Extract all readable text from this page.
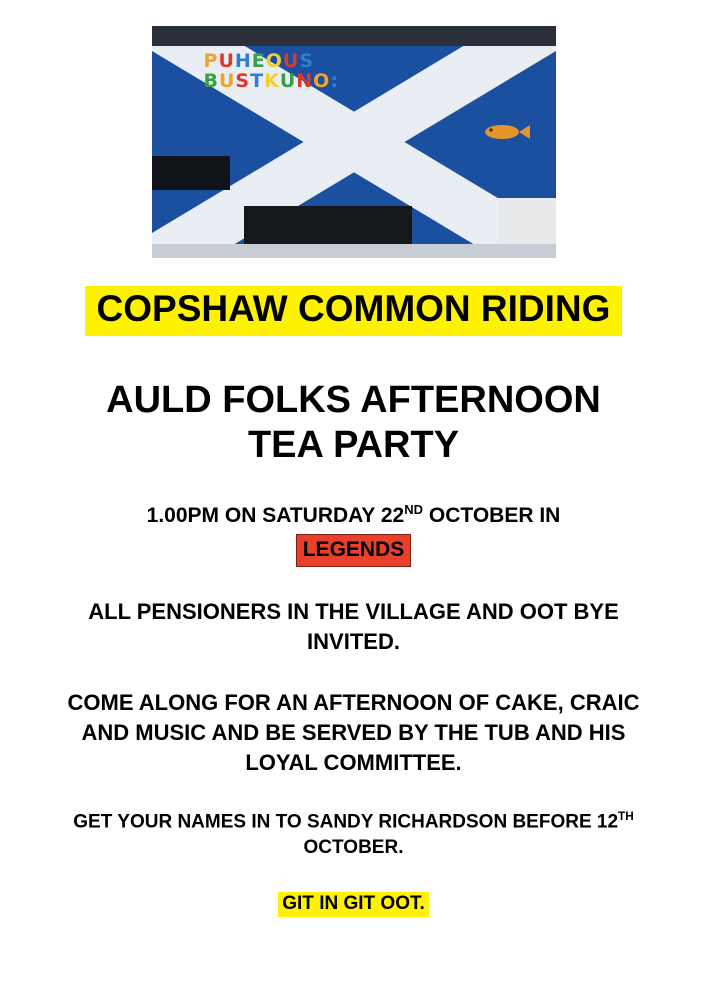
PUHEOUS
BUSTKUNO:
COPSHAW COMMON RIDING
AULD FOLKS AFTERNOON
TEA PARTY
1.00PM ON SATURDAY 22ND OCTOBER IN
LEGENDS
ALL PENSIONERS IN THE VILLAGE AND OOT BYE INVITED.
COME ALONG FOR AN AFTERNOON OF CAKE, CRAIC AND MUSIC AND BE SERVED BY THE TUB AND HIS LOYAL COMMITTEE.
GET YOUR NAMES IN TO SANDY RICHARDSON BEFORE 12TH OCTOBER.
GIT IN GIT OOT.
